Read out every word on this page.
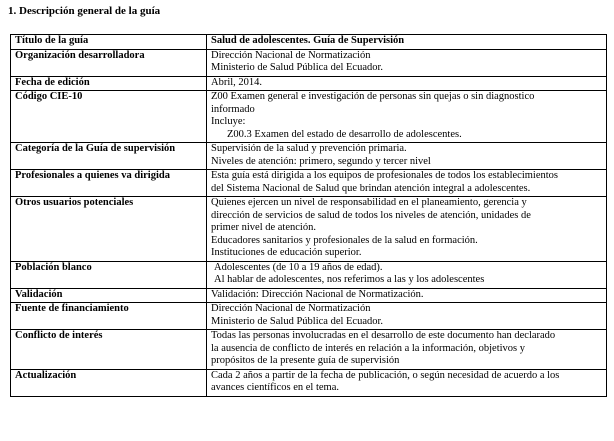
1. Descripción general de la guía
Título de la guía	Salud de adolescentes. Guía de Supervisión
Organización desarrolladora	Dirección Nacional de Normatización
Ministerio de Salud Pública del Ecuador.

Fecha de edición	Abril, 2014.

Código CIE-10	Z00 Examen general e investigación de personas sin quejas o sin diagnostico
informado
Incluye:
Z00.3 Examen del estado de desarrollo de adolescentes.

Categoría de la Guía de supervisión	Supervisión de la salud y prevención primaria.
Niveles de atención: primero, segundo y tercer nivel

Profesionales a quienes va dirigida	Esta guía está dirigida a los equipos de profesionales de todos los establecimientos
del Sistema Nacional de Salud que brindan atención integral a adolescentes.

Otros usuarios potenciales	Quienes ejercen un nivel de responsabilidad en el planeamiento, gerencia y
dirección de servicios de salud de todos los niveles de atención, unidades de
primer nivel de atención.
Educadores sanitarios y profesionales de la salud en formación.
Instituciones de educación superior.

Población blanco	Adolescentes (de 10 a 19 años de edad).
Al hablar de adolescentes, nos referimos a las y los adolescentes

Validación	Validación: Dirección Nacional de Normatización.

Fuente de financiamiento	Dirección Nacional de Normatización
Ministerio de Salud Pública del Ecuador.

Conflicto de interés	Todas las personas involucradas en el desarrollo de este documento han declarado
la ausencia de conflicto de interés en relación a la información, objetivos y
propósitos de la presente guía de supervisión

Actualización	Cada 2 años a partir de la fecha de publicación, o según necesidad de acuerdo a los
avances científicos en el tema.
